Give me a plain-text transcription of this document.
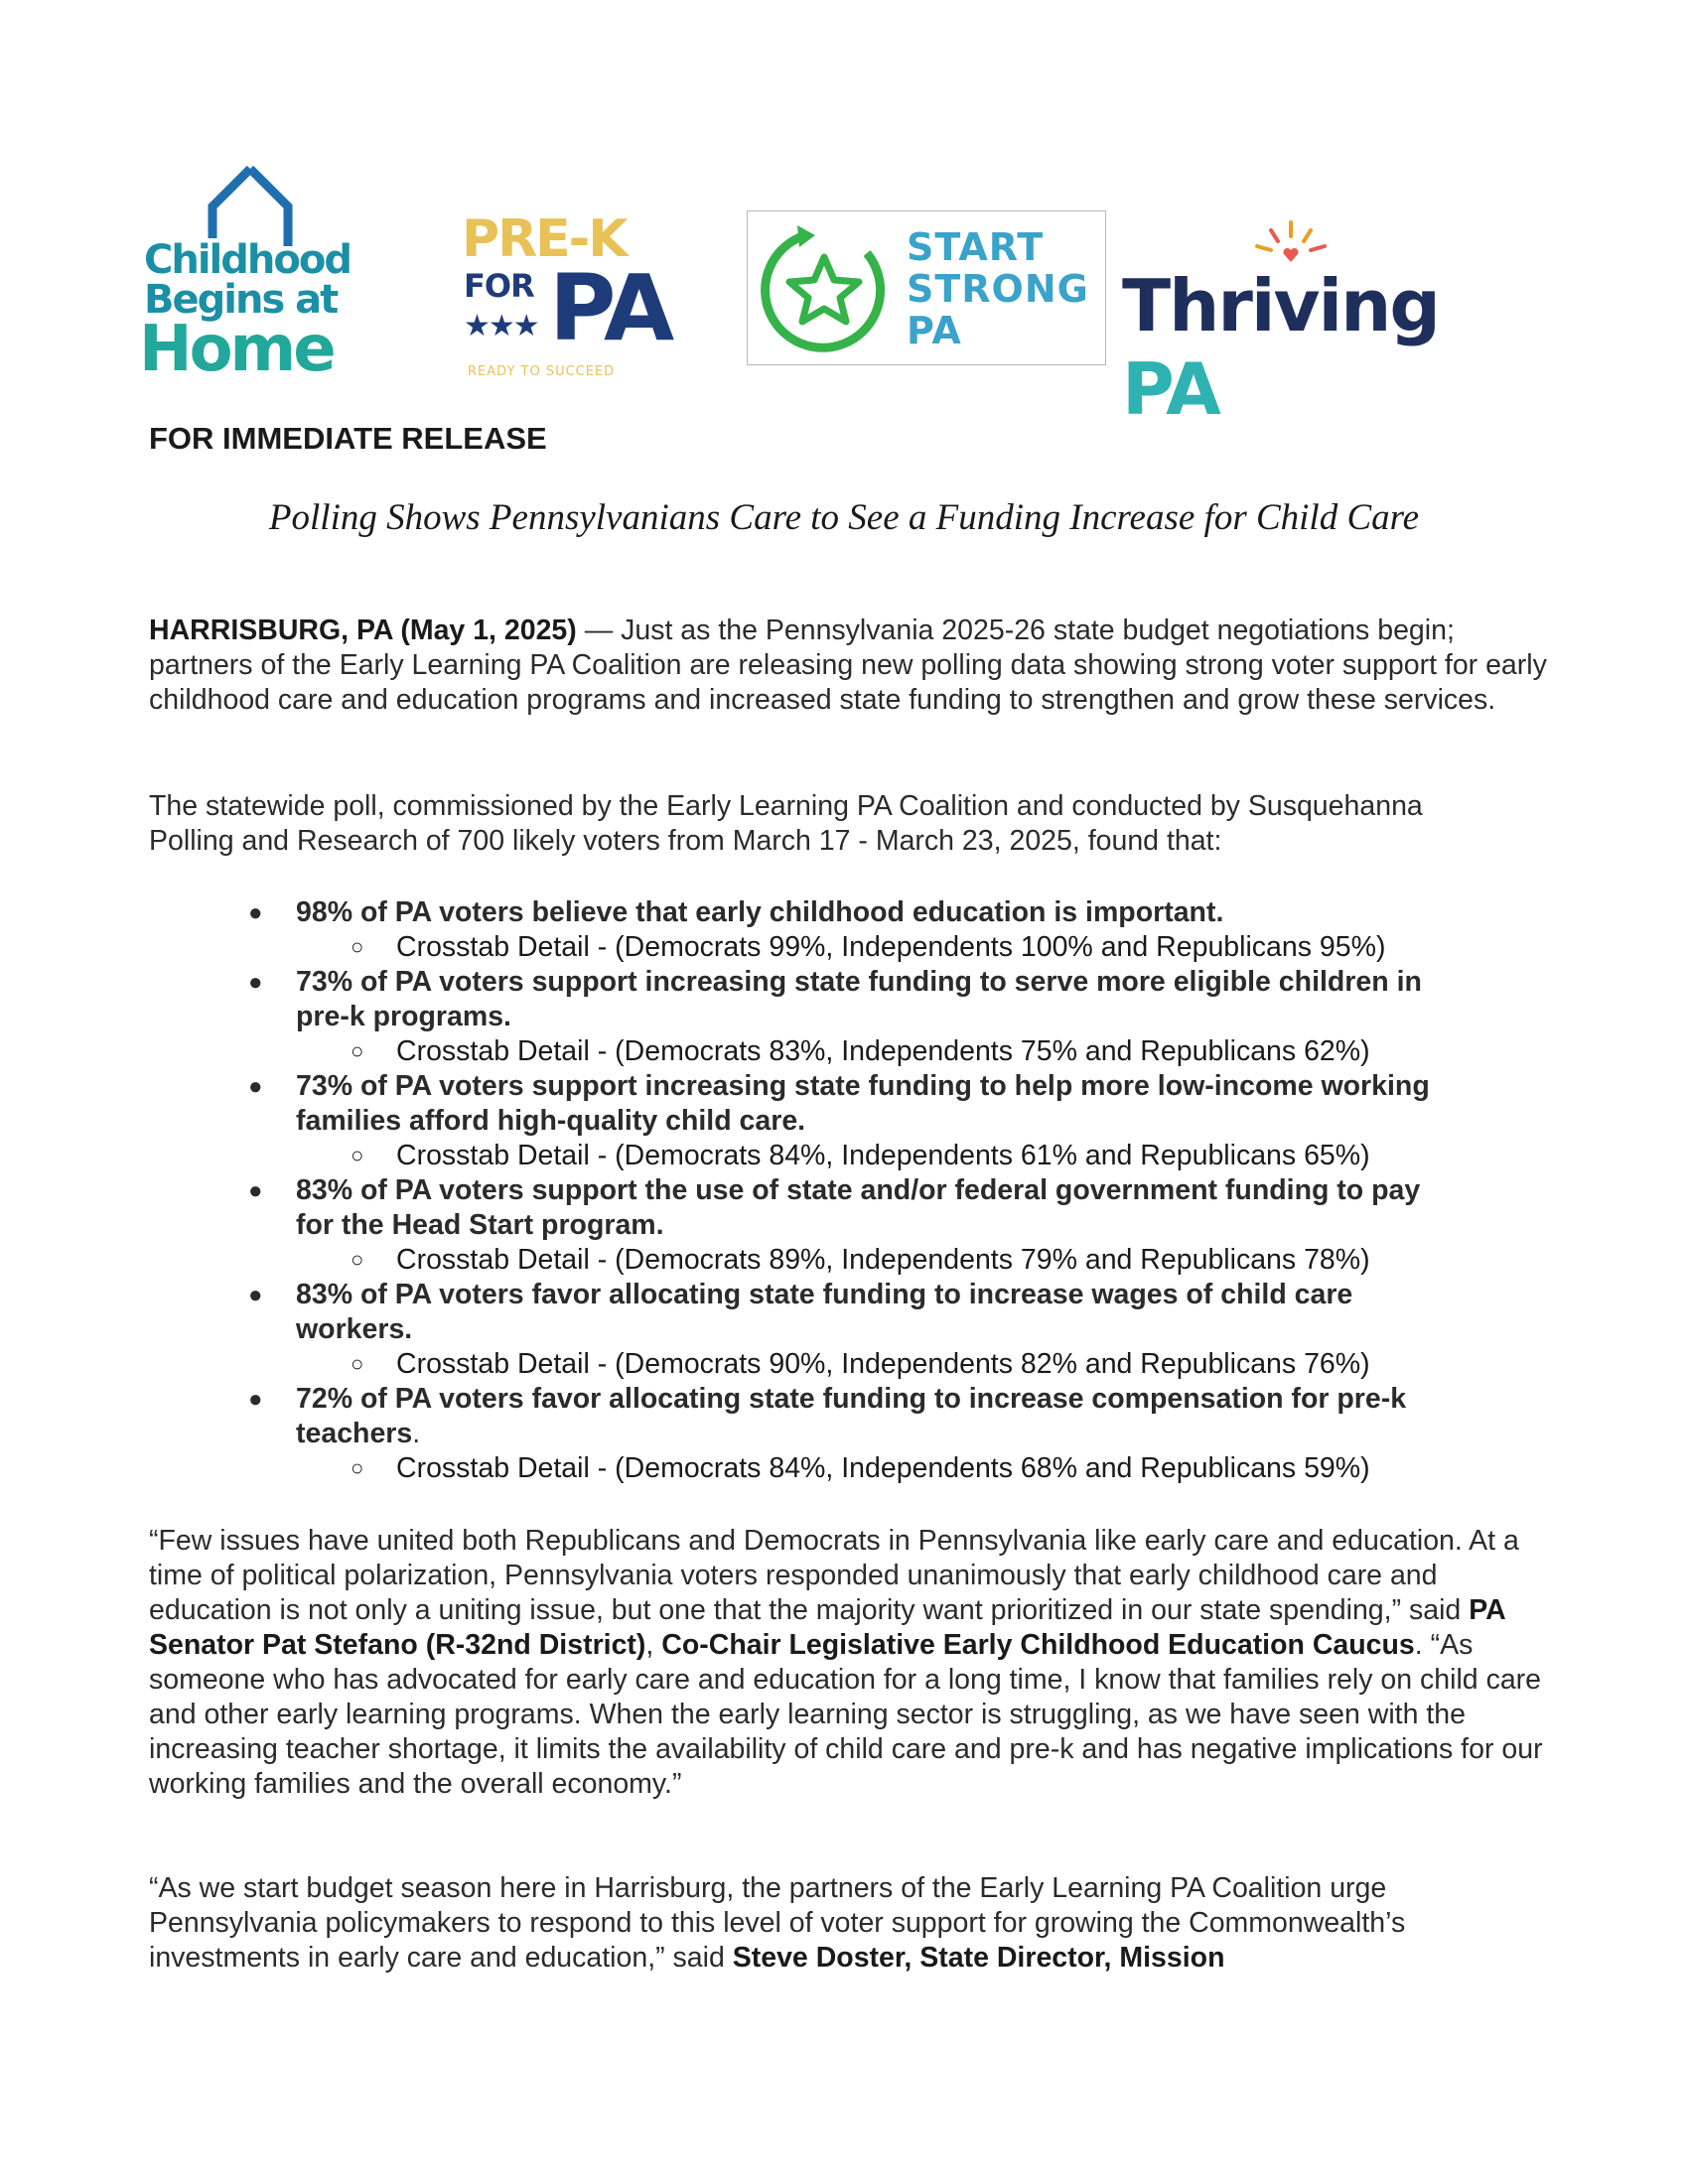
Childhood
Begins at
Home
PRE-K
FOR PA
★★★
READY TO SUCCEED
START
STRONG
PA Thriving PA
FOR IMMEDIATE RELEASE
Polling Shows Pennsylvanians Care to See a Funding Increase for Child Care
HARRISBURG, PA (May 1, 2025) — Just as the Pennsylvania 2025-26 state budget negotiations begin; partners of the Early Learning PA Coalition are releasing new polling data showing strong voter support for early childhood care and education programs and increased state funding to strengthen and grow these services.
The statewide poll, commissioned by the Early Learning PA Coalition and conducted by Susquehanna
Polling and Research of 700 likely voters from March 17 - March 23, 2025, found that:
● 98% of PA voters believe that early childhood education is important.
○ Crosstab Detail - (Democrats 99%, Independents 100% and Republicans 95%)
● 73% of PA voters support increasing state funding to serve more eligible children in
pre-k programs.
○ Crosstab Detail - (Democrats 83%, Independents 75% and Republicans 62%)
● 73% of PA voters support increasing state funding to help more low-income working
families afford high-quality child care.
○ Crosstab Detail - (Democrats 84%, Independents 61% and Republicans 65%)
● 83% of PA voters support the use of state and/or federal government funding to pay
for the Head Start program.
○ Crosstab Detail - (Democrats 89%, Independents 79% and Republicans 78%)
● 83% of PA voters favor allocating state funding to increase wages of child care
workers.
○ Crosstab Detail - (Democrats 90%, Independents 82% and Republicans 76%)
● 72% of PA voters favor allocating state funding to increase compensation for pre-k
teachers.
○ Crosstab Detail - (Democrats 84%, Independents 68% and Republicans 59%)
“Few issues have united both Republicans and Democrats in Pennsylvania like early care and education. At a time of political polarization, Pennsylvania voters responded unanimously that early childhood care and education is not only a uniting issue, but one that the majority want prioritized in our state spending,” said PA Senator Pat Stefano (R-32nd District), Co-Chair Legislative Early Childhood Education Caucus. “As someone who has advocated for early care and education for a long time, I know that families rely on child care and other early learning programs. When the early learning sector is struggling, as we have seen with the increasing teacher shortage, it limits the availability of child care and pre-k and has negative implications for our working families and the overall economy.”
“As we start budget season here in Harrisburg, the partners of the Early Learning PA Coalition urge Pennsylvania policymakers to respond to this level of voter support for growing the Commonwealth’s investments in early care and education,” said Steve Doster, State Director, Mission
